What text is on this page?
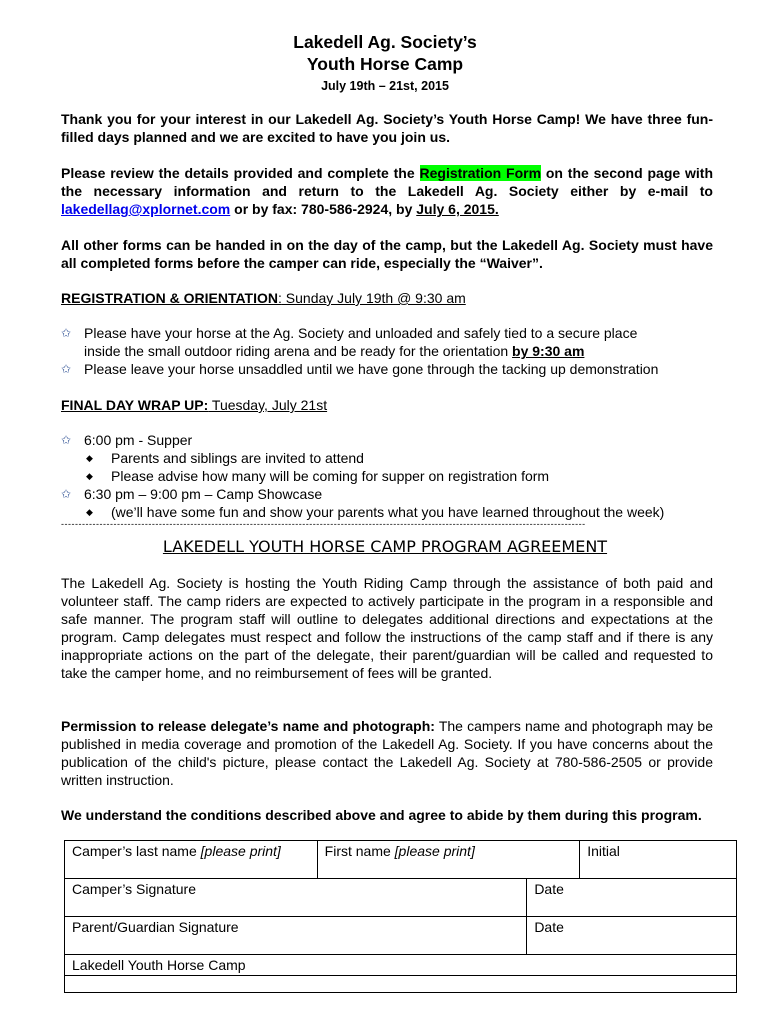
Lakedell Ag. Society’s
Youth Horse Camp
July 19th – 21st, 2015
Thank you for your interest in our Lakedell Ag. Society’s Youth Horse Camp! We have three fun-filled days planned and we are excited to have you join us.
Please review the details provided and complete the Registration Form on the second page with the necessary information and return to the Lakedell Ag. Society either by e-mail to lakedellag@xplornet.com or by fax: 780-586-2924, by July 6, 2015.
All other forms can be handed in on the day of the camp, but the Lakedell Ag. Society must have all completed forms before the camper can ride, especially the “Waiver”.
REGISTRATION & ORIENTATION: Sunday July 19th @ 9:30 am
✩ Please have your horse at the Ag. Society and unloaded and safely tied to a secure place
inside the small outdoor riding arena and be ready for the orientation by 9:30 am
✩ Please leave your horse unsaddled until we have gone through the tacking up demonstration
FINAL DAY WRAP UP: Tuesday, July 21st
✩ 6:00 pm - Supper
◆ Parents and siblings are invited to attend
◆ Please advise how many will be coming for supper on registration form
✩ 6:30 pm – 9:00 pm – Camp Showcase
◆ (we’ll have some fun and show your parents what you have learned throughout the week)
------------------------------------------------------------------------------------------------------------------------------------------------------
LAKEDELL YOUTH HORSE CAMP PROGRAM AGREEMENT
The Lakedell Ag. Society is hosting the Youth Riding Camp through the assistance of both paid and volunteer staff. The camp riders are expected to actively participate in the program in a responsible and safe manner. The program staff will outline to delegates additional directions and expectations at the program. Camp delegates must respect and follow the instructions of the camp staff and if there is any inappropriate actions on the part of the delegate, their parent/guardian will be called and requested to take the camper home, and no reimbursement of fees will be granted.
Permission to release delegate’s name and photograph: The campers name and photograph may be published in media coverage and promotion of the Lakedell Ag. Society. If you have concerns about the publication of the child's picture, please contact the Lakedell Ag. Society at 780-586-2505 or provide written instruction.
We understand the conditions described above and agree to abide by them during this program.
Camper’s last name [please print]	First name [please print]		Initial
Camper’s Signature		Date	
Parent/Guardian Signature		Date	
Lakedell Youth Horse Camp			
